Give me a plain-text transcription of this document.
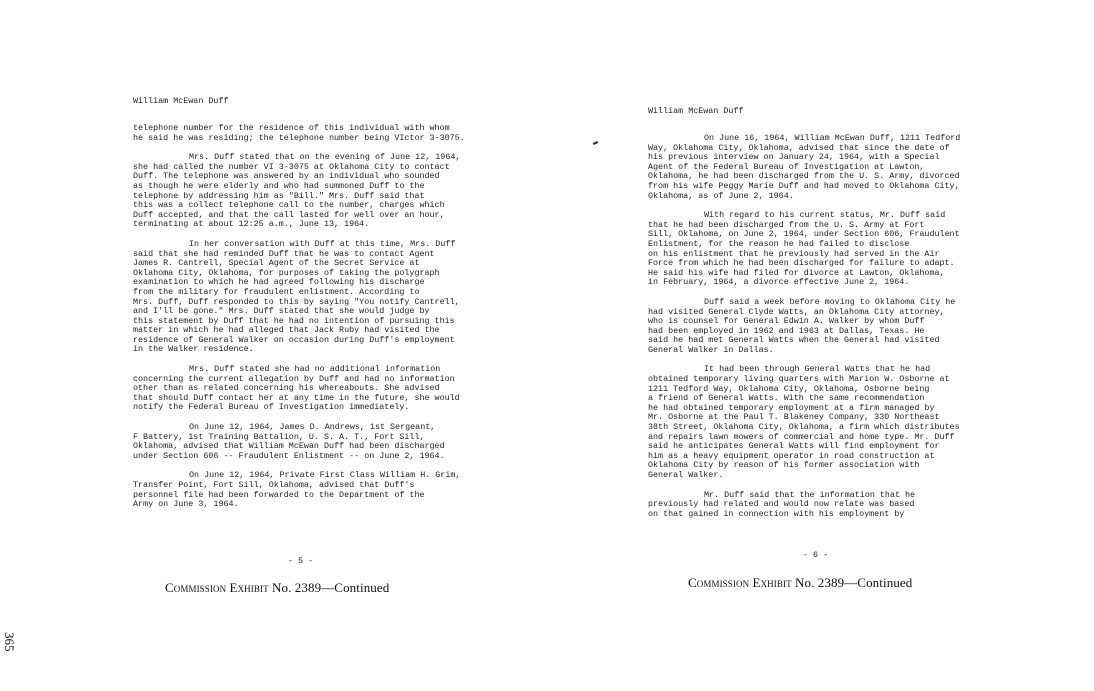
William McEwan Duff

telephone number for the residence of this individual with whom
he said he was residing; the telephone number being VIctor 3-3075.

Mrs. Duff stated that on the evening of June 12, 1964,
she had called the number VI 3-3075 at Oklahoma City to contact
Duff. The telephone was answered by an individual who sounded
as though he were elderly and who had summoned Duff to the
telephone by addressing him as "Bill." Mrs. Duff said that
this was a collect telephone call to the number, charges which
Duff accepted, and that the call lasted for well over an hour,
terminating at about 12:25 a.m., June 13, 1964.

In her conversation with Duff at this time, Mrs. Duff
said that she had reminded Duff that he was to contact Agent
James R. Cantrell, Special Agent of the Secret Service at
Oklahoma City, Oklahoma, for purposes of taking the polygraph
examination to which he had agreed following his discharge
from the military for fraudulent enlistment. According to
Mrs. Duff, Duff responded to this by saying "You notify Cantrell,
and I'll be gone." Mrs. Duff stated that she would judge by
this statement by Duff that he had no intention of pursuing this
matter in which he had alleged that Jack Ruby had visited the
residence of General Walker on occasion during Duff's employment
in the Walker residence.

Mrs. Duff stated she had no additional information
concerning the current allegation by Duff and had no information
other than as related concerning his whereabouts. She advised
that should Duff contact her at any time in the future, she would
notify the Federal Bureau of Investigation immediately.

On June 12, 1964, James D. Andrews, 1st Sergeant,
F Battery, 1st Training Battalion, U. S. A. T., Fort Sill,
Oklahoma, advised that William McEwan Duff had been discharged
under Section 606 -- Fraudulent Enlistment -- on June 2, 1964.

On June 12, 1964, Private First Class William H. Grim,
Transfer Point, Fort Sill, Oklahoma, advised that Duff's
personnel file had been forwarded to the Department of the
Army on June 3, 1964.

- 5 -
Commission Exhibit No. 2389—Continued
William McEwan Duff

On June 16, 1964, William McEwan Duff, 1211 Tedford
Way, Oklahoma City, Oklahoma, advised that since the date of
his previous interview on January 24, 1964, with a Special
Agent of the Federal Bureau of Investigation at Lawton,
Oklahoma, he had been discharged from the U. S. Army, divorced
from his wife Peggy Marie Duff and had moved to Oklahoma City,
Oklahoma, as of June 2, 1964.

With regard to his current status, Mr. Duff said
that he had been discharged from the U. S. Army at Fort
Sill, Oklahoma, on June 2, 1964, under Section 606, Fraudulent
Enlistment, for the reason he had failed to disclose
on his enlistment that he previously had served in the Air
Force from which he had been discharged for failure to adapt.
He said his wife had filed for divorce at Lawton, Oklahoma,
in February, 1964, a divorce effective June 2, 1964.

Duff said a week before moving to Oklahoma City he
had visited General Clyde Watts, an Oklahoma City attorney,
who is counsel for General Edwin A. Walker by whom Duff
had been employed in 1962 and 1963 at Dallas, Texas. He
said he had met General Watts when the General had visited
General Walker in Dallas.

It had been through General Watts that he had
obtained temporary living quarters with Marion W. Osborne at
1211 Tedford Way, Oklahoma City, Oklahoma, Osborne being
a friend of General Watts. With the same recommendation
he had obtained temporary employment at a firm managed by
Mr. Osborne at the Paul T. Blakeney Company, 330 Northeast
38th Street, Oklahoma City, Oklahoma, a firm which distributes
and repairs lawn mowers of commercial and home type. Mr. Duff
said he anticipates General Watts will find employment for
him as a heavy equipment operator in road construction at
Oklahoma City by reason of his former association with
General Walker.

Mr. Duff said that the information that he
previously had related and would now relate was based
on that gained in connection with his employment by

- 6 -
Commission Exhibit No. 2389—Continued
365
